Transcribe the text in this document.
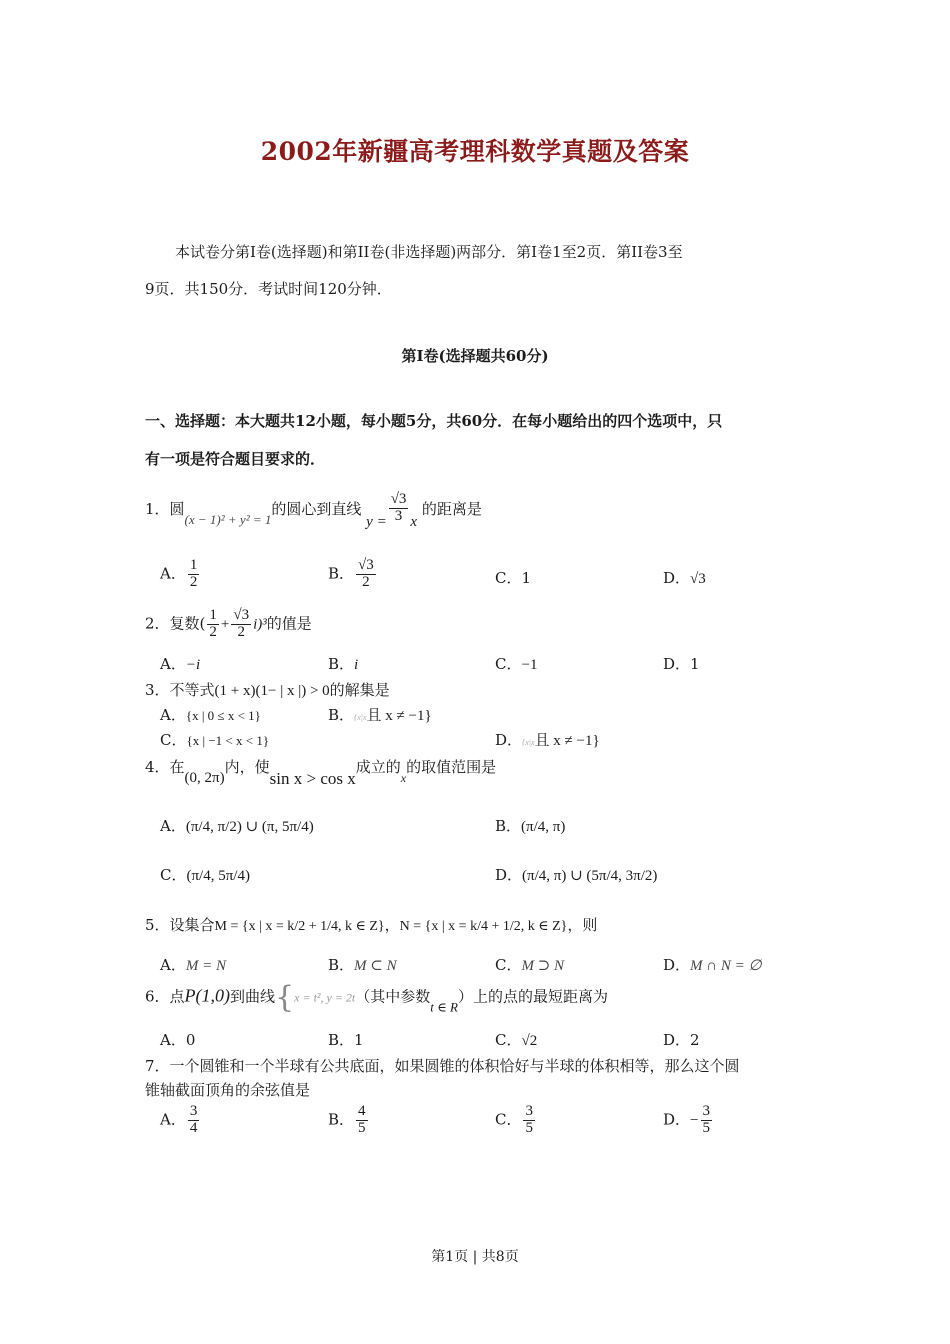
2002年新疆高考理科数学真题及答案
本试卷分第Ⅰ卷(选择题)和第II卷(非选择题)两部分．第Ⅰ卷1至2页．第II卷3至
9页．共150分．考试时间120分钟．
第Ⅰ卷(选择题共60分)
一、选择题：本大题共12小题，每小题5分，共60分．在每小题给出的四个选项中，只
有一项是符合题目要求的．
1．圆(x − 1)² + y² = 1的圆心到直线 $y = \frac{√3}{3}$ x 的距离是
A． $\frac{1}{2}$	B． $\frac{√3}{2}$	C．1	D．√3
2．复数( $\frac{1}{2} + \frac{√3}{2} i)^3$的值是
A．−i	B．i	C．−1	D．1
3．不等式(1 + x)(1− | x |) > 0的解集是
A．{x | 0 ≤ x < 1}	B．{x|x且 x ≠ −1}
C．{x | −1 < x < 1}	D．{x|x且 x ≠ −1}
4．在(0, 2π)内，使sin x > cos x成立的$_x$的取值范围是
A．(π/4, π/2) ∪ (π, 5π/4)	B．(π/4, π)
C．(π/4, 5π/4)	D．(π/4, π) ∪ (5π/4, 3π/2)
5．设集合M = {x | x = k/2 + 1/4, k ∈ Z}，N = {x | x = k/4 + 1/2, k ∈ Z}，则
A．M = N	B．M ⊂ N	C．M ⊃ N	D．M ∩ N = ∅
6．点P(1,0)到曲线{x = t², y = 2t（其中参数t ∈ R）上的点的最短距离为
A．0	B．1	C．√2	D．2
7．一个圆锥和一个半球有公共底面，如果圆锥的体积恰好与半球的体积相等，那么这个圆
锥轴截面顶角的余弦值是
A． $\frac{3}{4}$	B． $\frac{4}{5}$	C． $\frac{3}{5}$	D．− $\frac{3}{5}$
第1页 | 共8页
